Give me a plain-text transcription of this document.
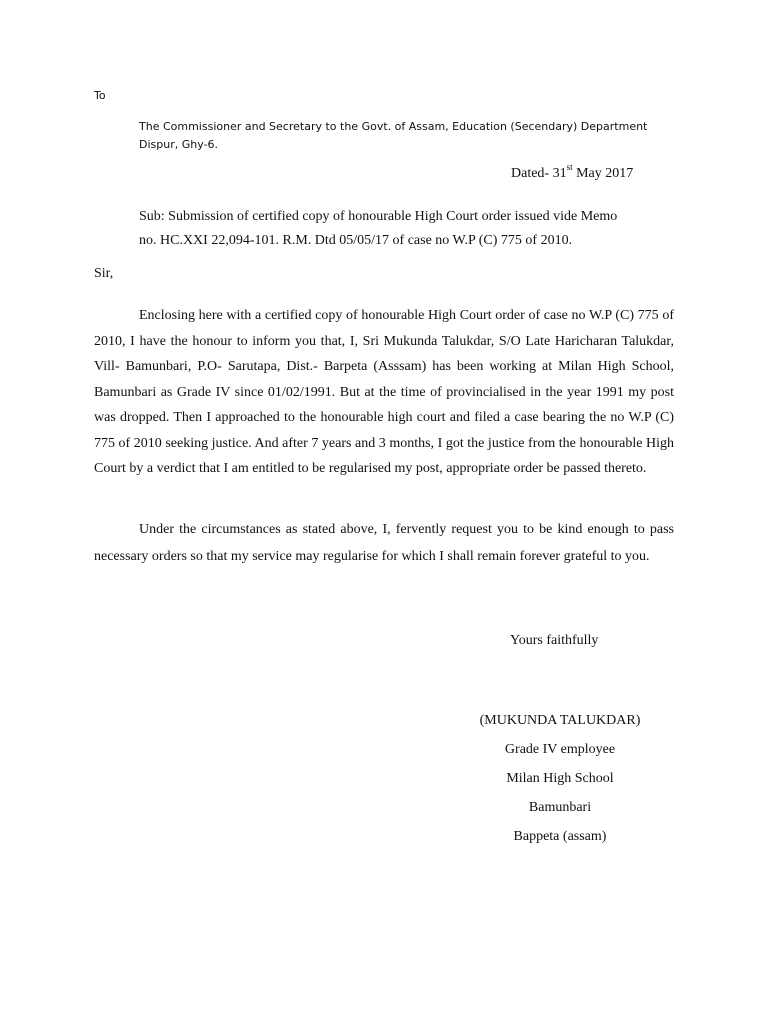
To

The Commissioner and Secretary to the Govt. of Assam, Education (Secendary) Department
Dispur, Ghy-6.

Dated- 31st May 2017

Sub: Submission of certified copy of honourable High Court order issued vide Memo
no. HC.XXI 22,094-101. R.M. Dtd 05/05/17 of case no W.P (C) 775 of 2010.

Sir,

Enclosing here with a certified copy of honourable High Court order of case no W.P (C) 775 of 2010, I have the honour to inform you that, I, Sri Mukunda Talukdar, S/O Late Haricharan Talukdar, Vill- Bamunbari, P.O- Sarutapa, Dist.- Barpeta (Asssam) has been working at Milan High School, Bamunbari as Grade IV since 01/02/1991. But at the time of provincialised in the year 1991 my post was dropped. Then I approached to the honourable high court and filed a case bearing the no W.P (C) 775 of 2010 seeking justice. And after 7 years and 3 months, I got the justice from the honourable High Court by a verdict that I am entitled to be regularised my post, appropriate order be passed thereto.

Under the circumstances as stated above, I, fervently request you to be kind enough to pass necessary orders so that my service may regularise for which I shall remain forever grateful to you.

Yours faithfully

(MUKUNDA TALUKDAR)
Grade IV employee
Milan High School
Bamunbari
Bappeta (assam)
